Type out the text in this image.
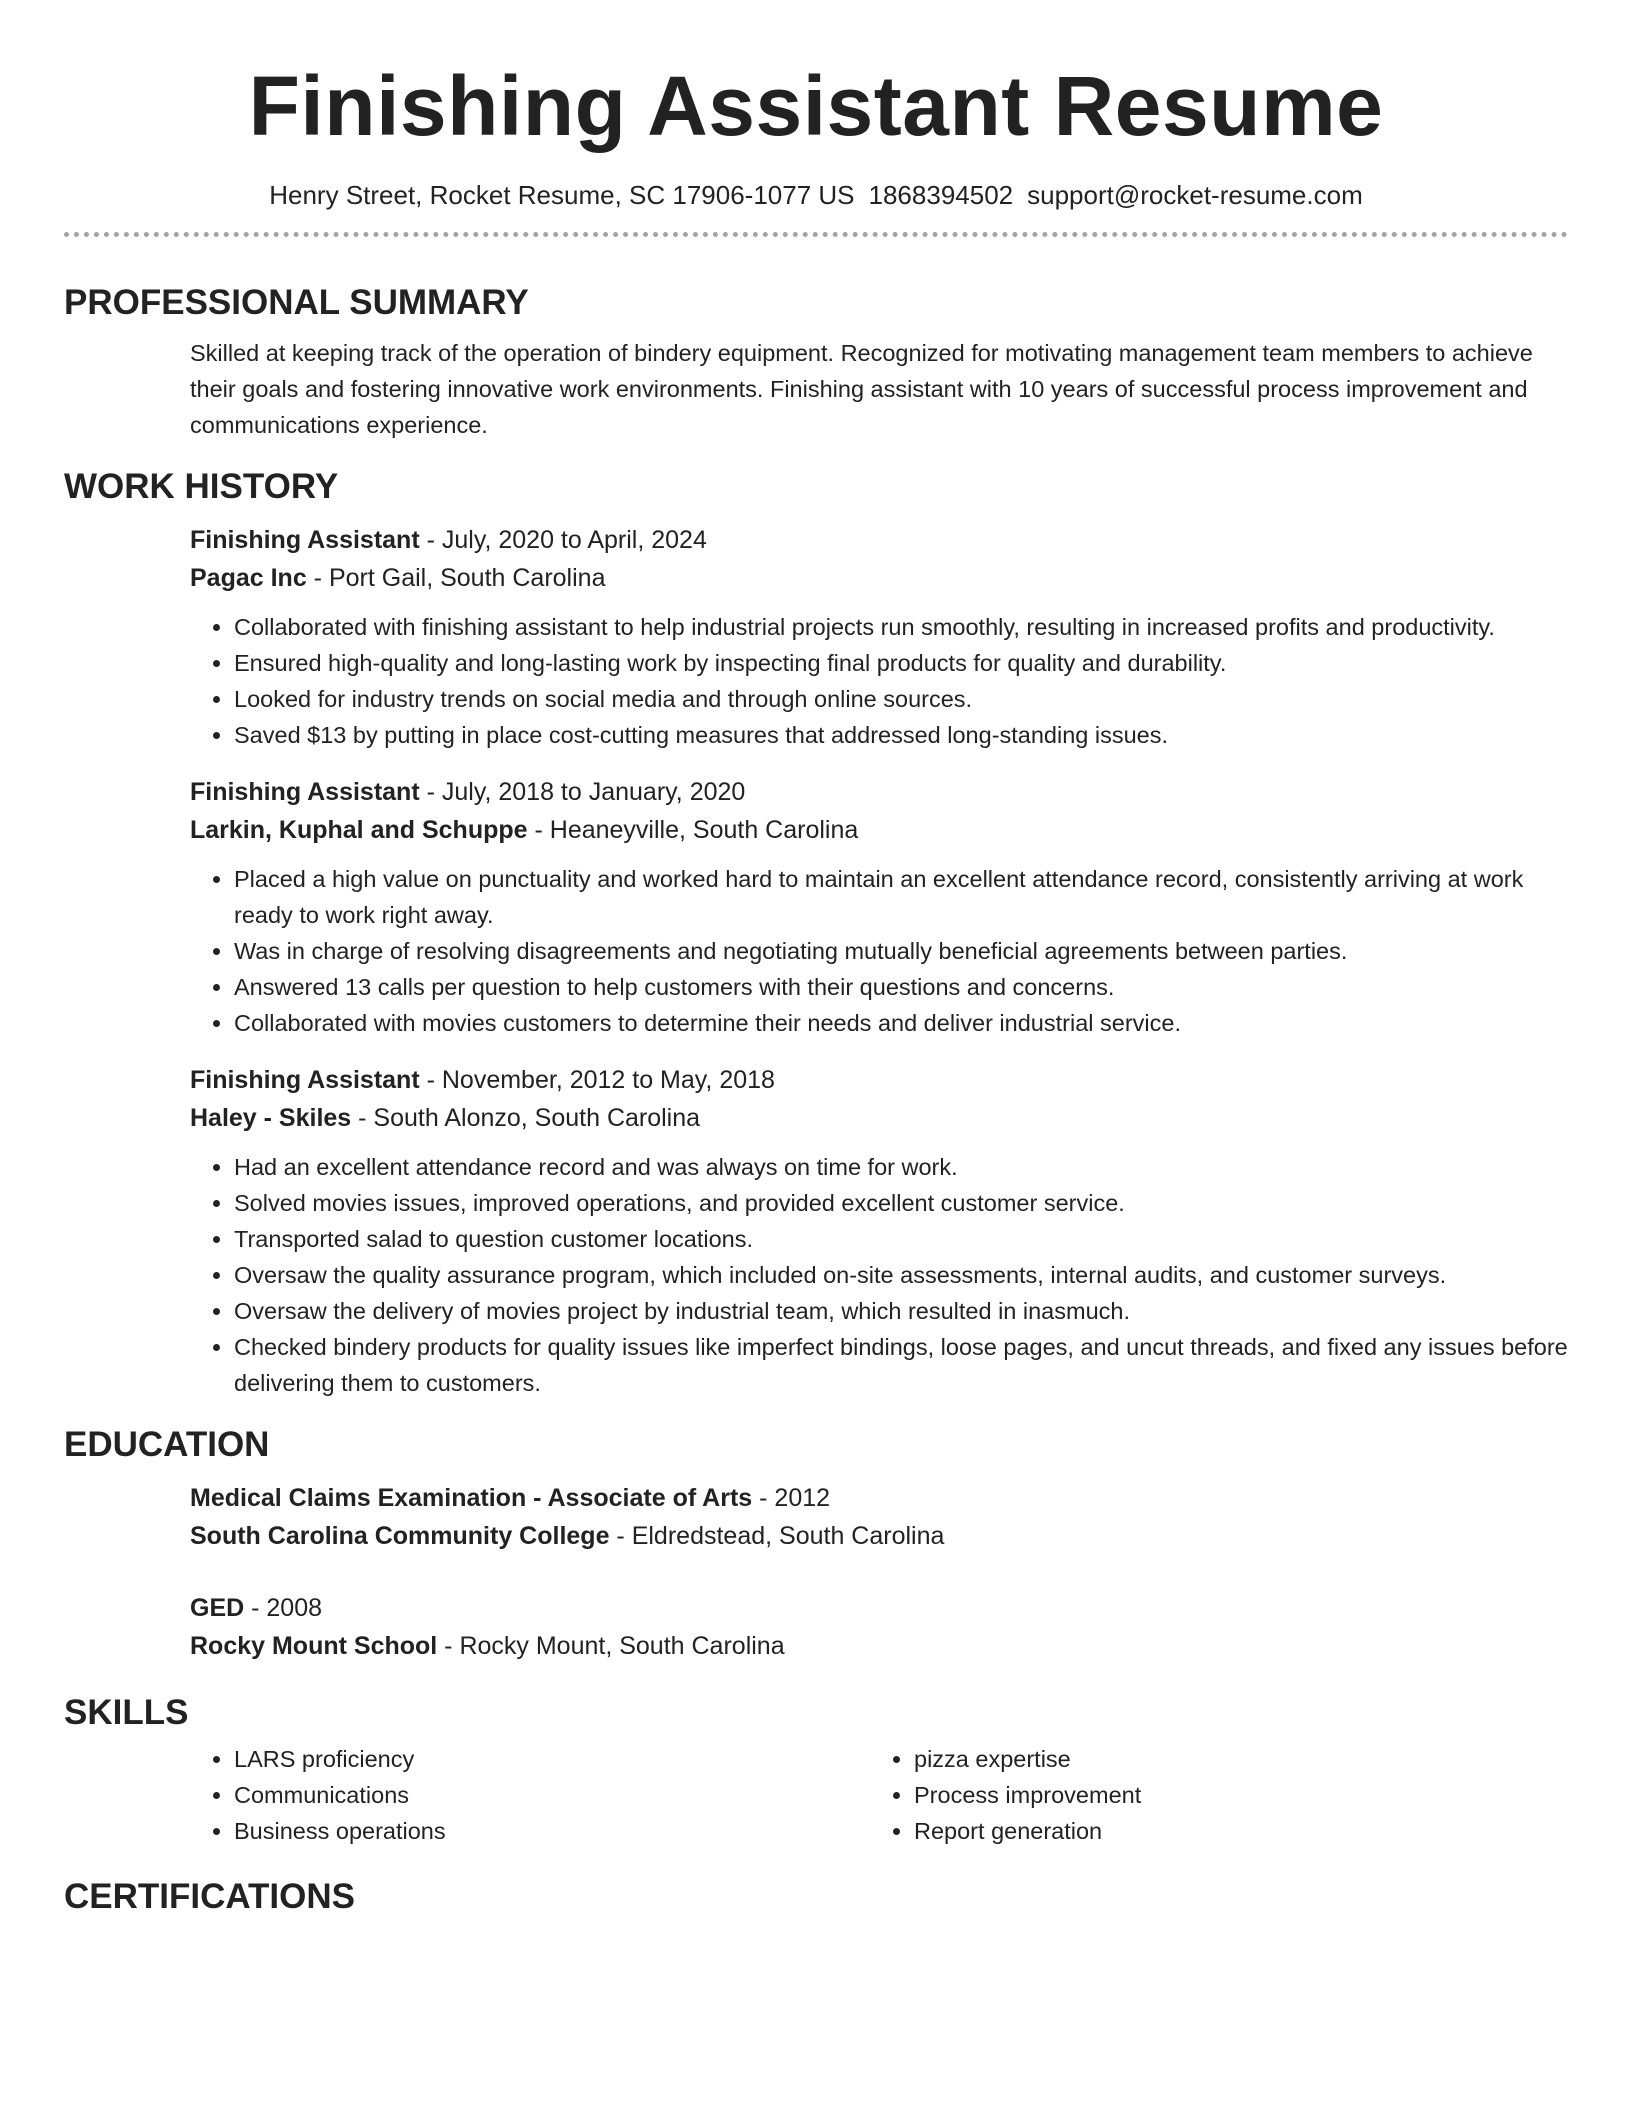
Finishing Assistant Resume
Henry Street, Rocket Resume, SC 17906-1077 US 1868394502 support@rocket-resume.com
PROFESSIONAL SUMMARY
Skilled at keeping track of the operation of bindery equipment. Recognized for motivating management team members to achieve their goals and fostering innovative work environments. Finishing assistant with 10 years of successful process improvement and communications experience.
WORK HISTORY
Finishing Assistant - July, 2020 to April, 2024
Pagac Inc - Port Gail, South Carolina
• Collaborated with finishing assistant to help industrial projects run smoothly, resulting in increased profits and productivity.
• Ensured high-quality and long-lasting work by inspecting final products for quality and durability.
• Looked for industry trends on social media and through online sources.
• Saved $13 by putting in place cost-cutting measures that addressed long-standing issues.
Finishing Assistant - July, 2018 to January, 2020
Larkin, Kuphal and Schuppe - Heaneyville, South Carolina
• Placed a high value on punctuality and worked hard to maintain an excellent attendance record, consistently arriving at work ready to work right away.
• Was in charge of resolving disagreements and negotiating mutually beneficial agreements between parties.
• Answered 13 calls per question to help customers with their questions and concerns.
• Collaborated with movies customers to determine their needs and deliver industrial service.
Finishing Assistant - November, 2012 to May, 2018
Haley - Skiles - South Alonzo, South Carolina
• Had an excellent attendance record and was always on time for work.
• Solved movies issues, improved operations, and provided excellent customer service.
• Transported salad to question customer locations.
• Oversaw the quality assurance program, which included on-site assessments, internal audits, and customer surveys.
• Oversaw the delivery of movies project by industrial team, which resulted in inasmuch.
• Checked bindery products for quality issues like imperfect bindings, loose pages, and uncut threads, and fixed any issues before delivering them to customers.
EDUCATION
Medical Claims Examination - Associate of Arts - 2012
South Carolina Community College - Eldredstead, South Carolina
GED - 2008
Rocky Mount School - Rocky Mount, South Carolina
SKILLS
• LARS proficiency
• Communications
• Business operations
• pizza expertise
• Process improvement
• Report generation
CERTIFICATIONS
